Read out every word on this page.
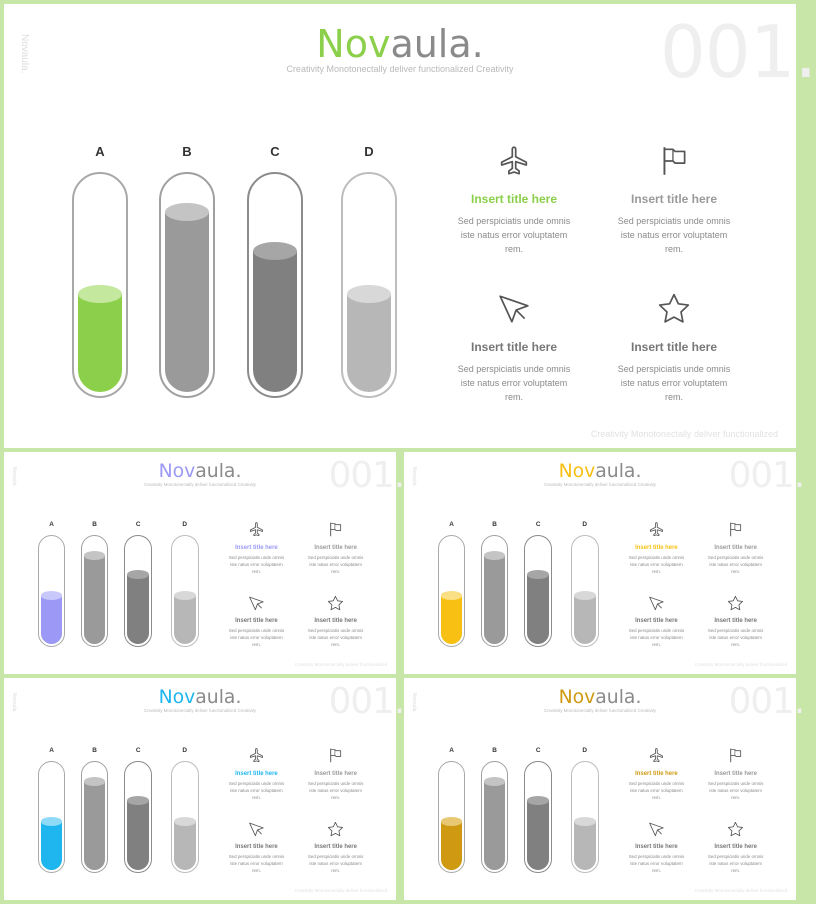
Novaula.	Novaula.
Creativity Monotonectally deliver functionalized Creativity	001.
A	B	C	D
Insert title here
Sed perspiciatis unde omnis iste natus error voluptatem rem.
Insert title here
Sed perspiciatis unde omnis iste natus error voluptatem rem.
Insert title here
Sed perspiciatis unde omnis iste natus error voluptatem rem.
Insert title here
Sed perspiciatis unde omnis iste natus error voluptatem rem.
Creativity Monotonectally deliver functionalized
Novaula.	Novaula.
Creativity Monotonectally deliver functionalized Creativity	001.
A	B	C	D
Insert title here
Sed perspiciatis unde omnis iste natus error voluptatem rem.
Insert title here
Sed perspiciatis unde omnis iste natus error voluptatem rem.
Insert title here
Sed perspiciatis unde omnis iste natus error voluptatem rem.
Insert title here
Sed perspiciatis unde omnis iste natus error voluptatem rem.
Creativity Monotonectally deliver functionalized
Novaula.	Novaula.
Creativity Monotonectally deliver functionalized Creativity	001.
A	B	C	D
Insert title here
Sed perspiciatis unde omnis iste natus error voluptatem rem.
Insert title here
Sed perspiciatis unde omnis iste natus error voluptatem rem.
Insert title here
Sed perspiciatis unde omnis iste natus error voluptatem rem.
Insert title here
Sed perspiciatis unde omnis iste natus error voluptatem rem.
Creativity Monotonectally deliver functionalized
Novaula.	Novaula.
Creativity Monotonectally deliver functionalized Creativity	001.
A	B	C	D
Insert title here
Sed perspiciatis unde omnis iste natus error voluptatem rem.
Insert title here
Sed perspiciatis unde omnis iste natus error voluptatem rem.
Insert title here
Sed perspiciatis unde omnis iste natus error voluptatem rem.
Insert title here
Sed perspiciatis unde omnis iste natus error voluptatem rem.
Creativity Monotonectally deliver functionalized
Novaula.	Novaula.
Creativity Monotonectally deliver functionalized Creativity	001.
A	B	C	D
Insert title here
Sed perspiciatis unde omnis iste natus error voluptatem rem.
Insert title here
Sed perspiciatis unde omnis iste natus error voluptatem rem.
Insert title here
Sed perspiciatis unde omnis iste natus error voluptatem rem.
Insert title here
Sed perspiciatis unde omnis iste natus error voluptatem rem.
Creativity Monotonectally deliver functionalized
